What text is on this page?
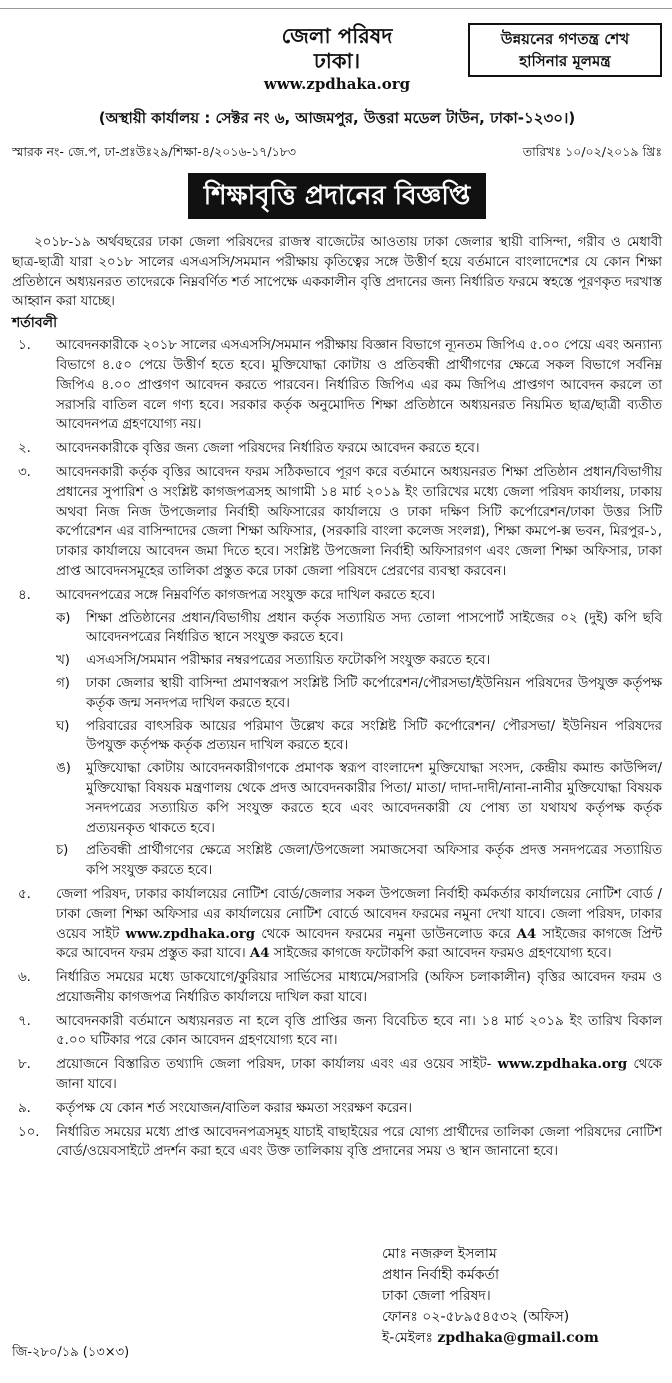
জেলা পরিষদ
ঢাকা।
www.zpdhaka.org
উন্নয়নের গণতন্ত্র শেখ
হাসিনার মূলমন্ত্র
(অস্থায়ী কার্যালয় : সেক্টর নং ৬, আজমপুর, উত্তরা মডেল টাউন, ঢাকা-১২৩০।)
স্মারক নং- জে.প, ঢা-প্রঃউঃ২৯/শিক্ষা-৪/২০১৬-১৭/১৮৩	তারিখঃ ১০/০২/২০১৯ খ্রিঃ
শিক্ষাবৃত্তি প্রদানের বিজ্ঞপ্তি
২০১৮-১৯ অর্থবছরের ঢাকা জেলা পরিষদের রাজস্ব বাজেটের আওতায় ঢাকা জেলার স্থায়ী বাসিন্দা, গরীব ও মেধাবী ছাত্র-ছাত্রী যারা ২০১৮ সালের এসএসসি/সমমান পরীক্ষায় কৃতিত্বের সঙ্গে উত্তীর্ণ হয়ে বর্তমানে বাংলাদেশের যে কোন শিক্ষা প্রতিষ্ঠানে অধ্যয়নরত তাদেরকে নিম্নবর্ণিত শর্ত সাপেক্ষে এককালীন বৃত্তি প্রদানের জন্য নির্ধারিত ফরমে স্বহস্তে পূরণকৃত দরখাস্ত আহ্বান করা যাচ্ছে।
শর্তাবলী
১.	আবেদনকারীকে ২০১৮ সালের এসএসসি/সমমান পরীক্ষায় বিজ্ঞান বিভাগে ন্যূনতম জিপিএ ৫.০০ পেয়ে এবং অন্যান্য বিভাগে ৪.৫০ পেয়ে উত্তীর্ণ হতে হবে। মুক্তিযোদ্ধা কোটায় ও প্রতিবন্ধী প্রার্থীগণের ক্ষেত্রে সকল বিভাগে সর্বনিম্ন জিপিএ ৪.০০ প্রাপ্তগণ আবেদন করতে পারবেন। নির্ধারিত জিপিএ এর কম জিপিএ প্রাপ্তগণ আবেদন করলে তা সরাসরি বাতিল বলে গণ্য হবে। সরকার কর্তৃক অনুমোদিত শিক্ষা প্রতিষ্ঠানে অধ্যয়নরত নিয়মিত ছাত্র/ছাত্রী ব্যতীত আবেদনপত্র গ্রহণযোগ্য নয়।
২.	আবেদনকারীকে বৃত্তির জন্য জেলা পরিষদের নির্ধারিত ফরমে আবেদন করতে হবে।
৩.	আবেদনকারী কর্তৃক বৃত্তির আবেদন ফরম সঠিকভাবে পূরণ করে বর্তমানে অধ্যয়নরত শিক্ষা প্রতিষ্ঠান প্রধান/বিভাগীয় প্রধানের সুপারিশ ও সংশ্লিষ্ট কাগজপত্রসহ আগামী ১৪ মার্চ ২০১৯ ইং তারিখের মধ্যে জেলা পরিষদ কার্যালয়, ঢাকায় অথবা নিজ নিজ উপজেলার নির্বাহী অফিসারের কার্যালয়ে ও ঢাকা দক্ষিণ সিটি কর্পোরেশন/ঢাকা উত্তর সিটি কর্পোরেশন এর বাসিন্দাদের জেলা শিক্ষা অফিসার, (সরকারি বাংলা কলেজ সংলগ্ন), শিক্ষা কমপে-ক্স ভবন, মিরপুর-১, ঢাকার কার্যালয়ে আবেদন জমা দিতে হবে। সংশ্লিষ্ট উপজেলা নির্বাহী অফিসারগণ এবং জেলা শিক্ষা অফিসার, ঢাকা প্রাপ্ত আবেদনসমূহের তালিকা প্রস্তুত করে ঢাকা জেলা পরিষদে প্রেরণের ব্যবস্থা করবেন।
৪.	আবেদনপত্রের সঙ্গে নিম্নবর্ণিত কাগজপত্র সংযুক্ত করে দাখিল করতে হবে।
ক)	শিক্ষা প্রতিষ্ঠানের প্রধান/বিভাগীয় প্রধান কর্তৃক সত্যায়িত সদ্য তোলা পাসপোর্ট সাইজের ০২ (দুই) কপি ছবি আবেদনপত্রের নির্ধারিত স্থানে সংযুক্ত করতে হবে।
খ)	এসএসসি/সমমান পরীক্ষার নম্বরপত্রের সত্যায়িত ফটোকপি সংযুক্ত করতে হবে।
গ)	ঢাকা জেলার স্থায়ী বাসিন্দা প্রমাণস্বরূপ সংশ্লিষ্ট সিটি কর্পোরেশন/পৌরসভা/ইউনিয়ন পরিষদের উপযুক্ত কর্তৃপক্ষ কর্তৃক জন্ম সনদপত্র দাখিল করতে হবে।
ঘ)	পরিবারের বাৎসরিক আয়ের পরিমাণ উল্লেখ করে সংশ্লিষ্ট সিটি কর্পোরেশন/ পৌরসভা/ ইউনিয়ন পরিষদের উপযুক্ত কর্তৃপক্ষ কর্তৃক প্রত্যয়ন দাখিল করতে হবে।
ঙ)	মুক্তিযোদ্ধা কোটায় আবেদনকারীগণকে প্রমাণক স্বরূপ বাংলাদেশ মুক্তিযোদ্ধা সংসদ, কেন্দ্রীয় কমান্ড কাউন্সিল/মুক্তিযোদ্ধা বিষয়ক মন্ত্রণালয় থেকে প্রদত্ত আবেদনকারীর পিতা/ মাতা/ দাদা-দাদী/নানা-নানীর মুক্তিযোদ্ধা বিষয়ক সনদপত্রের সত্যায়িত কপি সংযুক্ত করতে হবে এবং আবেদনকারী যে পোষ্য তা যথাযথ কর্তৃপক্ষ কর্তৃক প্রত্যয়নকৃত থাকতে হবে।
চ)	প্রতিবন্ধী প্রার্থীগণের ক্ষেত্রে সংশ্লিষ্ট জেলা/উপজেলা সমাজসেবা অফিসার কর্তৃক প্রদত্ত সনদপত্রের সত্যায়িত কপি সংযুক্ত করতে হবে।
৫.	জেলা পরিষদ, ঢাকার কার্যালয়ের নোটিশ বোর্ড/জেলার সকল উপজেলা নির্বাহী কর্মকর্তার কার্যালয়ের নোটিশ বোর্ড /ঢাকা জেলা শিক্ষা অফিসার এর কার্যালয়ের নোটিশ বোর্ডে আবেদন ফরমের নমুনা দেখা যাবে। জেলা পরিষদ, ঢাকার ওয়েব সাইট www.zpdhaka.org থেকে আবেদন ফরমের নমুনা ডাউনলোড করে A4 সাইজের কাগজে প্রিন্ট করে আবেদন ফরম প্রস্তুত করা যাবে। A4 সাইজের কাগজে ফটোকপি করা আবেদন ফরমও গ্রহণযোগ্য হবে।
৬.	নির্ধারিত সময়ের মধ্যে ডাকযোগে/কুরিয়ার সার্ভিসের মাধ্যমে/সরাসরি (অফিস চলাকালীন) বৃত্তির আবেদন ফরম ও প্রয়োজনীয় কাগজপত্র নির্ধারিত কার্যালয়ে দাখিল করা যাবে।
৭.	আবেদনকারী বর্তমানে অধ্যয়নরত না হলে বৃত্তি প্রাপ্তির জন্য বিবেচিত হবে না। ১৪ মার্চ ২০১৯ ইং তারিখ বিকাল ৫.০০ ঘটিকার পরে কোন আবেদন গ্রহণযোগ্য হবে না।
৮.	প্রয়োজনে বিস্তারিত তথ্যাদি জেলা পরিষদ, ঢাকা কার্যালয় এবং এর ওয়েব সাইট- www.zpdhaka.org থেকে জানা যাবে।
৯.	কর্তৃপক্ষ যে কোন শর্ত সংযোজন/বাতিল করার ক্ষমতা সংরক্ষণ করেন।
১০.	নির্ধারিত সময়ের মধ্যে প্রাপ্ত আবেদনপত্রসমূহ যাচাই বাছাইয়ের পরে যোগ্য প্রার্থীদের তালিকা জেলা পরিষদের নোটিশ বোর্ড/ওয়েবসাইটে প্রদর্শন করা হবে এবং উক্ত তালিকায় বৃত্তি প্রদানের সময় ও স্থান জানানো হবে।
মোঃ নজরুল ইসলাম
প্রধান নির্বাহী কর্মকর্তা
ঢাকা জেলা পরিষদ।
ফোনঃ ০২-৫৮৯৫৪৫৩২ (অফিস)
ই-মেইলঃ zpdhaka@gmail.com
জি-২৮০/১৯ (১৩×৩)
